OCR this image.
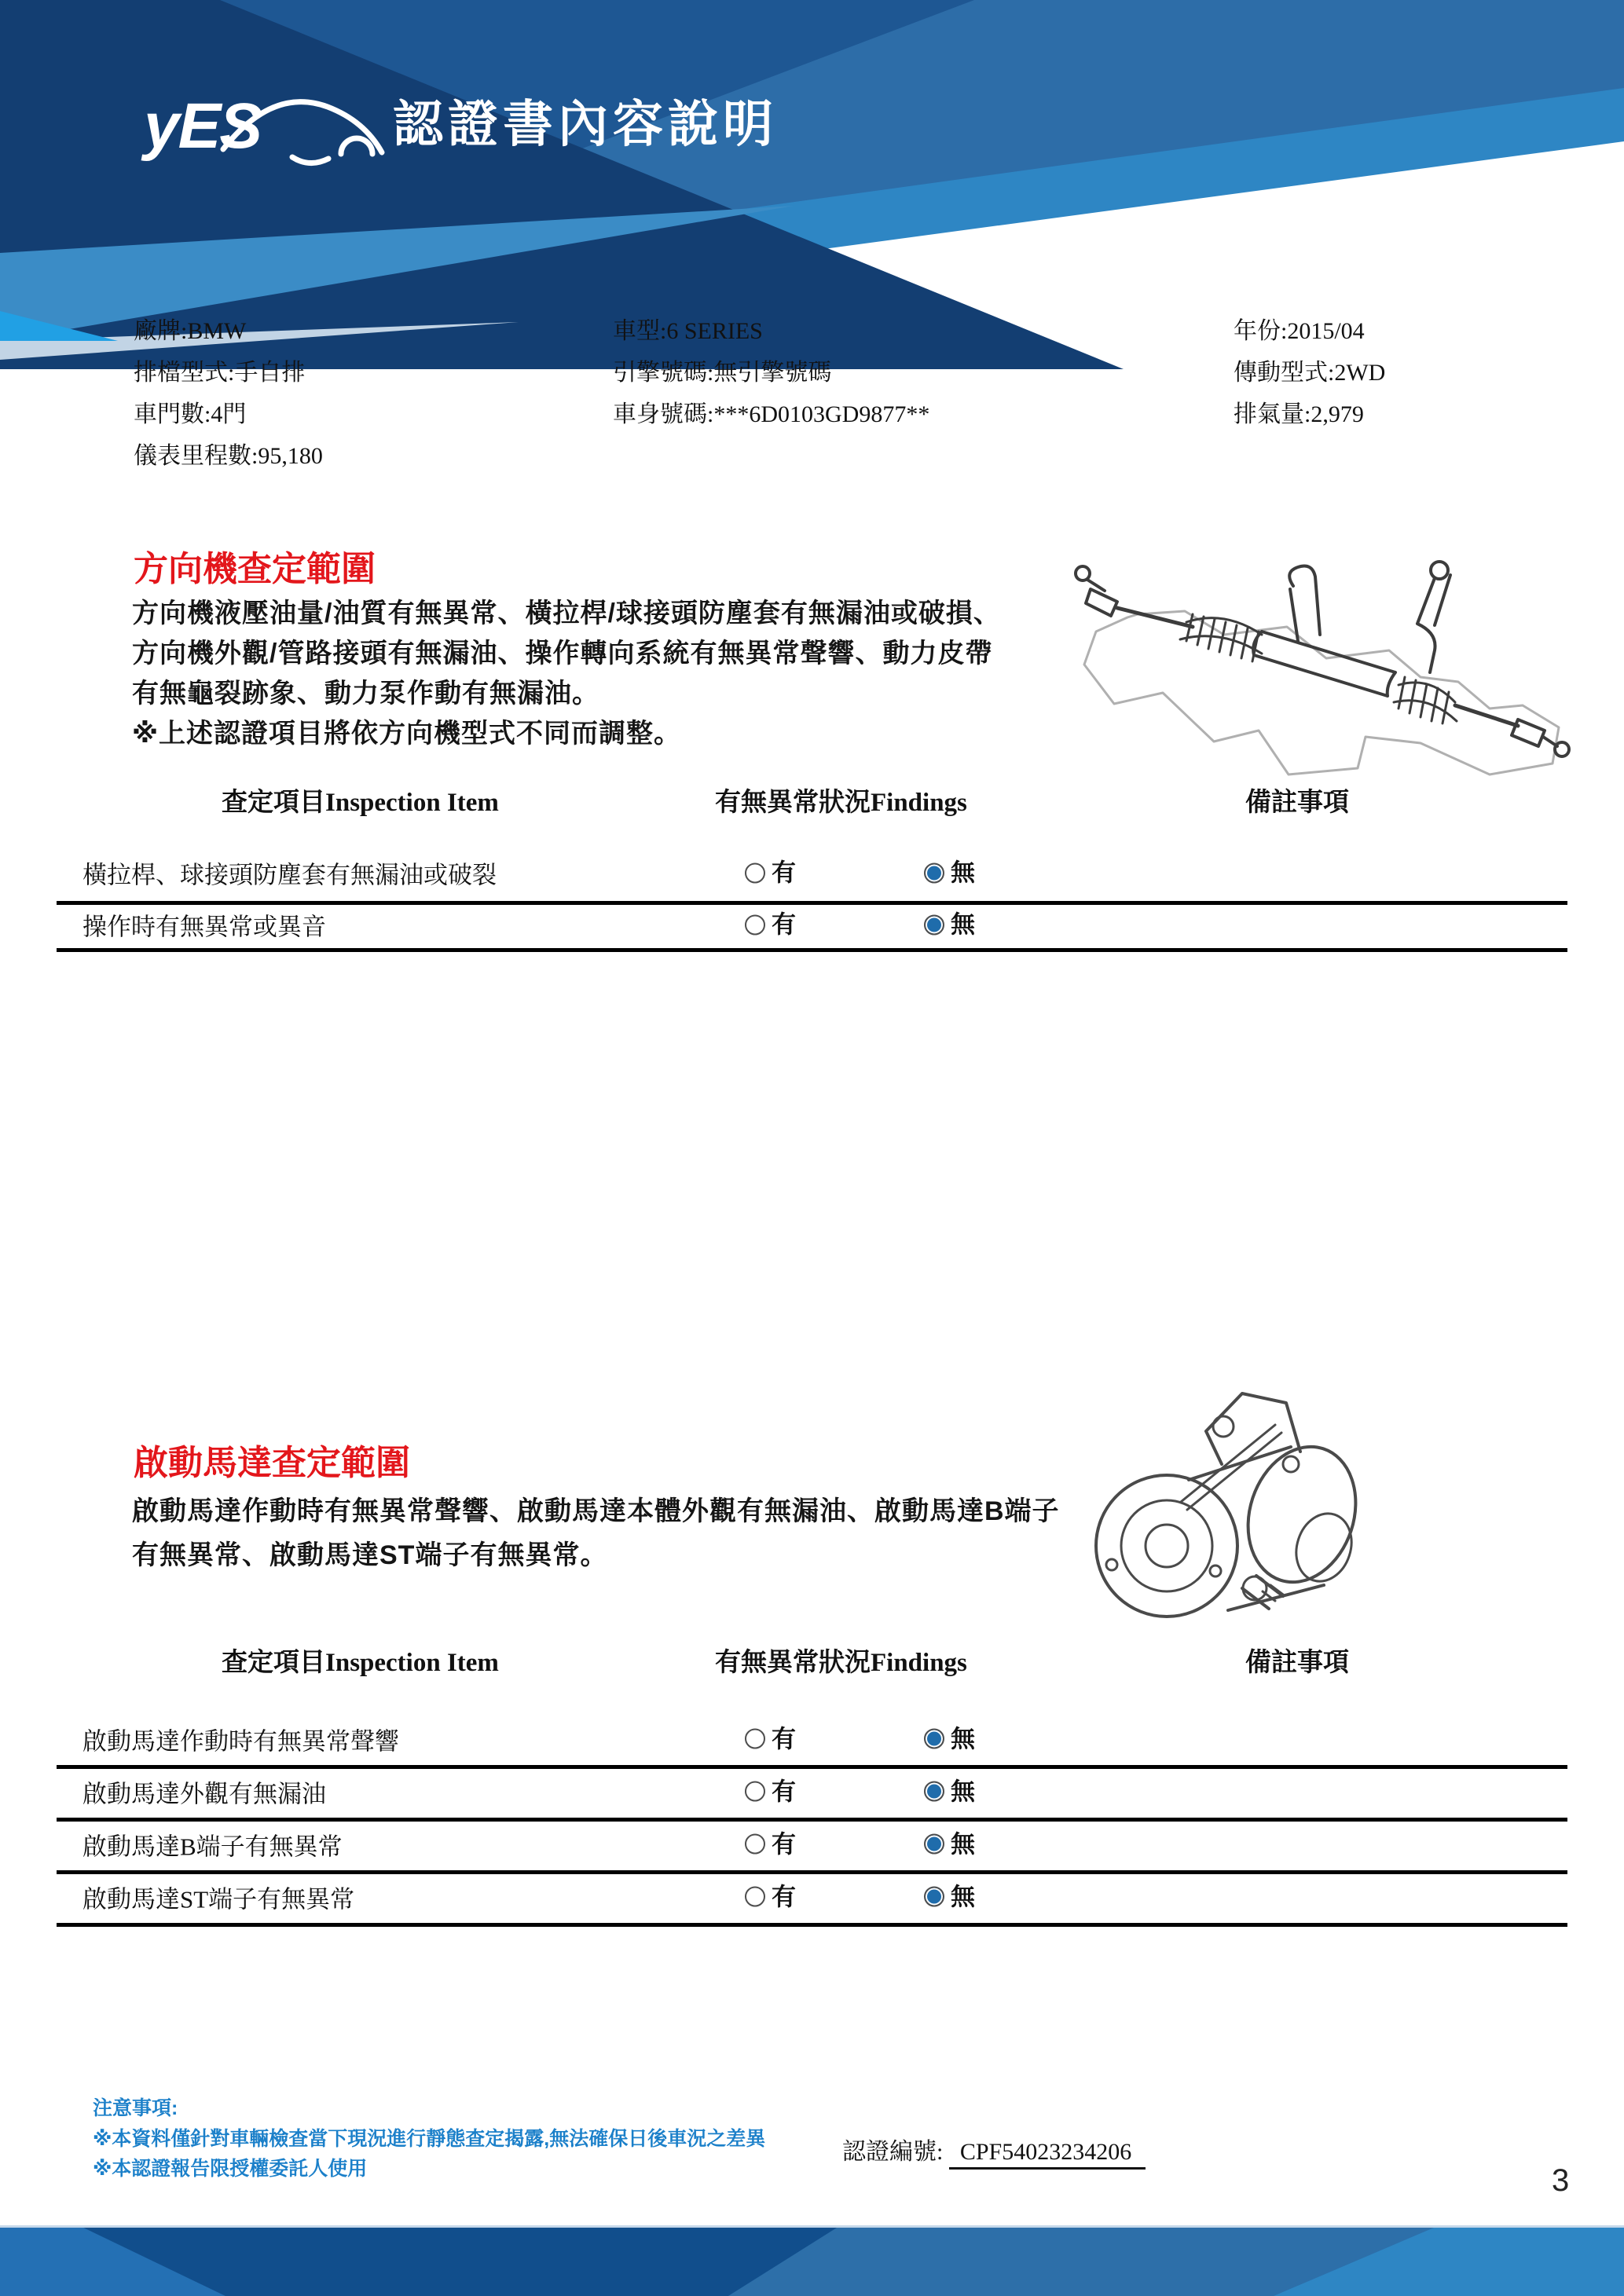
yES	認證書內容說明
廠牌:BMW
排檔型式:手自排
車門數:4門
儀表里程數:95,180
車型:6 SERIES
引擎號碼:無引擎號碼
車身號碼:***6D0103GD9877**
年份:2015/04
傳動型式:2WD
排氣量:2,979
方向機查定範圍
方向機液壓油量/油質有無異常、橫拉桿/球接頭防塵套有無漏油或破損、
方向機外觀/管路接頭有無漏油、操作轉向系統有無異常聲響、動力皮帶
有無龜裂跡象、動力泵作動有無漏油。
※上述認證項目將依方向機型式不同而調整。
查定項目Inspection Item	有無異常狀況Findings	備註事項
橫拉桿、球接頭防塵套有無漏油或破裂	有	無
操作時有無異常或異音	有	無
啟動馬達查定範圍
啟動馬達作動時有無異常聲響、啟動馬達本體外觀有無漏油、啟動馬達B端子
有無異常、啟動馬達ST端子有無異常。
查定項目Inspection Item	有無異常狀況Findings	備註事項
啟動馬達作動時有無異常聲響	有	無
啟動馬達外觀有無漏油	有	無
啟動馬達B端子有無異常	有	無
啟動馬達ST端子有無異常	有	無
注意事項:
※本資料僅針對車輛檢查當下現況進行靜態查定揭露,無法確保日後車況之差異
※本認證報告限授權委託人使用
認證編號: CPF54023234206
3
